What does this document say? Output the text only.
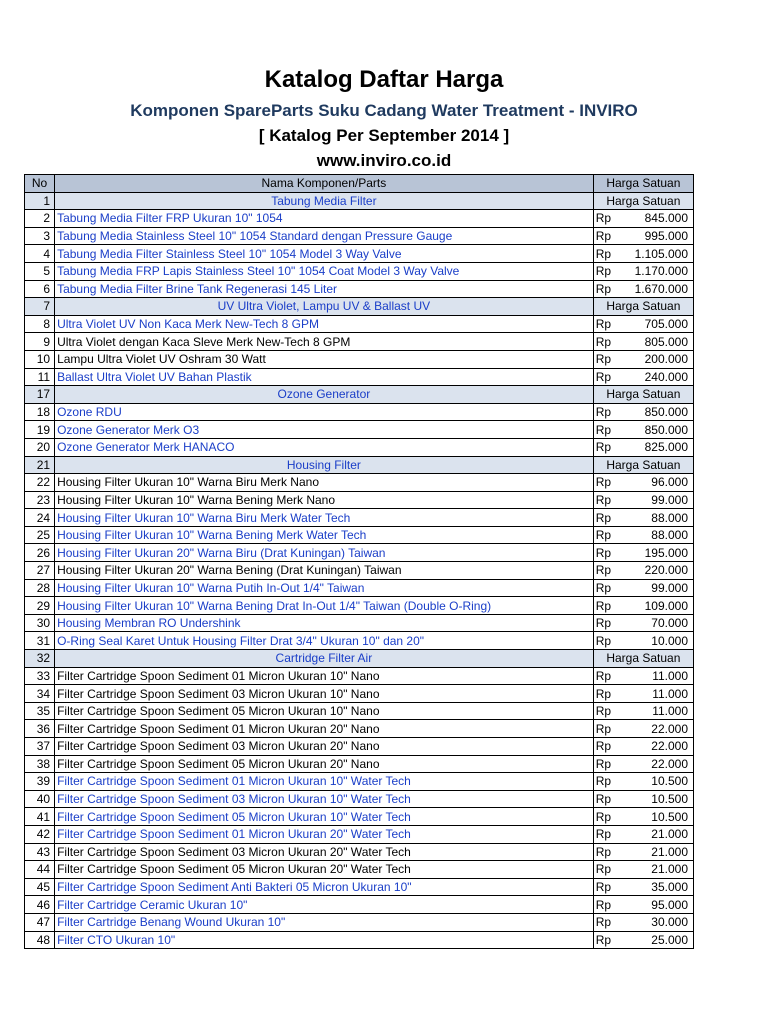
Katalog Daftar Harga
Komponen SpareParts Suku Cadang Water Treatment - INVIRO
[ Katalog Per September 2014 ]
www.inviro.co.id
No	Nama Komponen/Parts	Harga Satuan	
1	Tabung Media Filter	Harga Satuan	
2	Tabung Media Filter FRP Ukuran 10" 1054	Rp	845.000
3	Tabung Media Stainless Steel 10" 1054 Standard dengan Pressure Gauge	Rp	995.000
4	Tabung Media Filter Stainless Steel 10" 1054 Model 3 Way Valve	Rp	1.105.000
5	Tabung Media FRP Lapis Stainless Steel 10" 1054 Coat Model 3 Way Valve	Rp	1.170.000
6	Tabung Media Filter Brine Tank Regenerasi 145 Liter	Rp	1.670.000
7	UV Ultra Violet, Lampu UV & Ballast UV	Harga Satuan	
8	Ultra Violet UV Non Kaca Merk New-Tech 8 GPM	Rp	705.000
9	Ultra Violet dengan Kaca Sleve Merk New-Tech 8 GPM	Rp	805.000
10	Lampu Ultra Violet UV Oshram 30 Watt	Rp	200.000
11	Ballast Ultra Violet UV Bahan Plastik	Rp	240.000
17	Ozone Generator	Harga Satuan	
18	Ozone RDU	Rp	850.000
19	Ozone Generator Merk O3	Rp	850.000
20	Ozone Generator Merk HANACO	Rp	825.000
21	Housing Filter	Harga Satuan	
22	Housing Filter Ukuran 10" Warna Biru Merk Nano	Rp	96.000
23	Housing Filter Ukuran 10" Warna Bening Merk Nano	Rp	99.000
24	Housing Filter Ukuran 10" Warna Biru Merk Water Tech	Rp	88.000
25	Housing Filter Ukuran 10" Warna Bening Merk Water Tech	Rp	88.000
26	Housing Filter Ukuran 20" Warna Biru (Drat Kuningan) Taiwan	Rp	195.000
27	Housing Filter Ukuran 20" Warna Bening (Drat Kuningan) Taiwan	Rp	220.000
28	Housing Filter Ukuran 10" Warna Putih In-Out 1/4" Taiwan	Rp	99.000
29	Housing Filter Ukuran 10" Warna Bening Drat In-Out 1/4" Taiwan (Double O-Ring)	Rp	109.000
30	Housing Membran RO Undershink	Rp	70.000
31	O-Ring Seal Karet Untuk Housing Filter Drat 3/4" Ukuran 10" dan 20"	Rp	10.000
32	Cartridge Filter Air	Harga Satuan	
33	Filter Cartridge Spoon Sediment 01 Micron Ukuran 10" Nano	Rp	11.000
34	Filter Cartridge Spoon Sediment 03 Micron Ukuran 10" Nano	Rp	11.000
35	Filter Cartridge Spoon Sediment 05 Micron Ukuran 10" Nano	Rp	11.000
36	Filter Cartridge Spoon Sediment 01 Micron Ukuran 20" Nano	Rp	22.000
37	Filter Cartridge Spoon Sediment 03 Micron Ukuran 20" Nano	Rp	22.000
38	Filter Cartridge Spoon Sediment 05 Micron Ukuran 20" Nano	Rp	22.000
39	Filter Cartridge Spoon Sediment 01 Micron Ukuran 10" Water Tech	Rp	10.500
40	Filter Cartridge Spoon Sediment 03 Micron Ukuran 10" Water Tech	Rp	10.500
41	Filter Cartridge Spoon Sediment 05 Micron Ukuran 10" Water Tech	Rp	10.500
42	Filter Cartridge Spoon Sediment 01 Micron Ukuran 20" Water Tech	Rp	21.000
43	Filter Cartridge Spoon Sediment 03 Micron Ukuran 20" Water Tech	Rp	21.000
44	Filter Cartridge Spoon Sediment 05 Micron Ukuran 20" Water Tech	Rp	21.000
45	Filter Cartridge Spoon Sediment Anti Bakteri 05 Micron Ukuran 10"	Rp	35.000
46	Filter Cartridge Ceramic Ukuran 10"	Rp	95.000
47	Filter Cartridge Benang Wound Ukuran 10"	Rp	30.000
48	Filter CTO Ukuran 10"	Rp	25.000
